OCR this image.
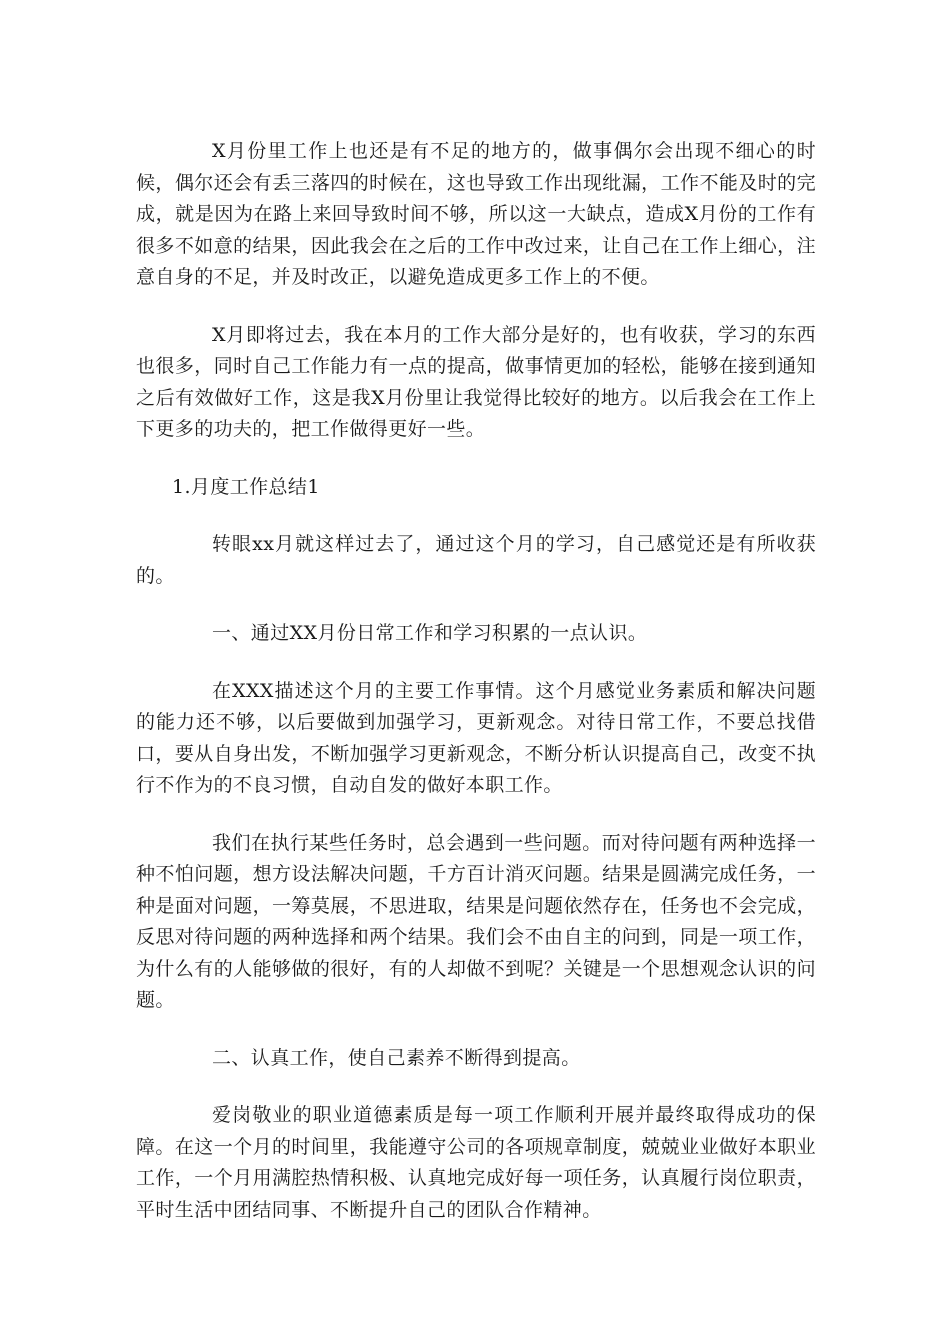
X月份里工作上也还是有不足的地方的，做事偶尔会出现不细心的时候，偶尔还会有丢三落四的时候在，这也导致工作出现纰漏，工作不能及时的完成，就是因为在路上来回导致时间不够，所以这一大缺点，造成X月份的工作有很多不如意的结果，因此我会在之后的工作中改过来，让自己在工作上细心，注意自身的不足，并及时改正，以避免造成更多工作上的不便。

X月即将过去，我在本月的工作大部分是好的，也有收获，学习的东西也很多，同时自己工作能力有一点的提高，做事情更加的轻松，能够在接到通知之后有效做好工作，这是我X月份里让我觉得比较好的地方。以后我会在工作上下更多的功夫的，把工作做得更好一些。

1.月度工作总结1

转眼xx月就这样过去了，通过这个月的学习，自己感觉还是有所收获的。

一、通过XX月份日常工作和学习积累的一点认识。

在XXX描述这个月的主要工作事情。这个月感觉业务素质和解决问题的能力还不够，以后要做到加强学习，更新观念。对待日常工作，不要总找借口，要从自身出发，不断加强学习更新观念，不断分析认识提高自己，改变不执行不作为的不良习惯，自动自发的做好本职工作。

我们在执行某些任务时，总会遇到一些问题。而对待问题有两种选择一种不怕问题，想方设法解决问题，千方百计消灭问题。结果是圆满完成任务，一种是面对问题，一筹莫展，不思进取，结果是问题依然存在，任务也不会完成，反思对待问题的两种选择和两个结果。我们会不由自主的问到，同是一项工作，为什么有的人能够做的很好，有的人却做不到呢？关键是一个思想观念认识的问题。

二、认真工作，使自己素养不断得到提高。

爱岗敬业的职业道德素质是每一项工作顺利开展并最终取得成功的保障。在这一个月的时间里，我能遵守公司的各项规章制度，兢兢业业做好本职业工作，一个月用满腔热情积极、认真地完成好每一项任务，认真履行岗位职责，平时生活中团结同事、不断提升自己的团队合作精神。
